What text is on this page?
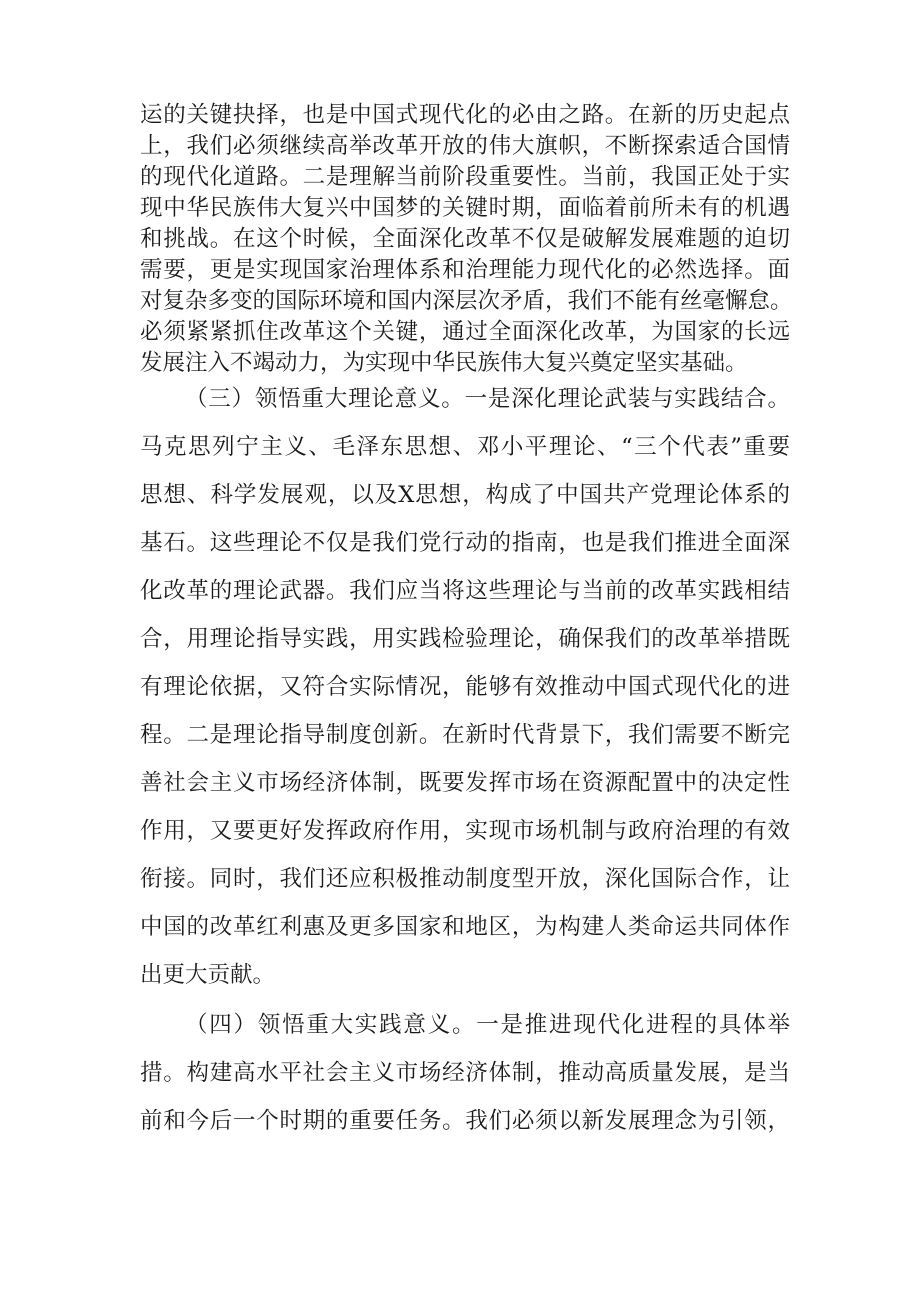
运的关键抉择，也是中国式现代化的必由之路。在新的历史起点
上，我们必须继续高举改革开放的伟大旗帜，不断探索适合国情
的现代化道路。二是理解当前阶段重要性。当前，我国正处于实
现中华民族伟大复兴中国梦的关键时期，面临着前所未有的机遇
和挑战。在这个时候，全面深化改革不仅是破解发展难题的迫切
需要，更是实现国家治理体系和治理能力现代化的必然选择。面
对复杂多变的国际环境和国内深层次矛盾，我们不能有丝毫懈怠。
必须紧紧抓住改革这个关键，通过全面深化改革，为国家的长远
发展注入不竭动力，为实现中华民族伟大复兴奠定坚实基础。
（三）领悟重大理论意义。一是深化理论武装与实践结合。
马克思列宁主义、毛泽东思想、邓小平理论、“三个代表”重要
思想、科学发展观，以及X思想，构成了中国共产党理论体系的
基石。这些理论不仅是我们党行动的指南，也是我们推进全面深
化改革的理论武器。我们应当将这些理论与当前的改革实践相结
合，用理论指导实践，用实践检验理论，确保我们的改革举措既
有理论依据，又符合实际情况，能够有效推动中国式现代化的进
程。二是理论指导制度创新。在新时代背景下，我们需要不断完
善社会主义市场经济体制，既要发挥市场在资源配置中的决定性
作用，又要更好发挥政府作用，实现市场机制与政府治理的有效
衔接。同时，我们还应积极推动制度型开放，深化国际合作，让
中国的改革红利惠及更多国家和地区，为构建人类命运共同体作
出更大贡献。
（四）领悟重大实践意义。一是推进现代化进程的具体举
措。构建高水平社会主义市场经济体制，推动高质量发展，是当
前和今后一个时期的重要任务。我们必须以新发展理念为引领，
